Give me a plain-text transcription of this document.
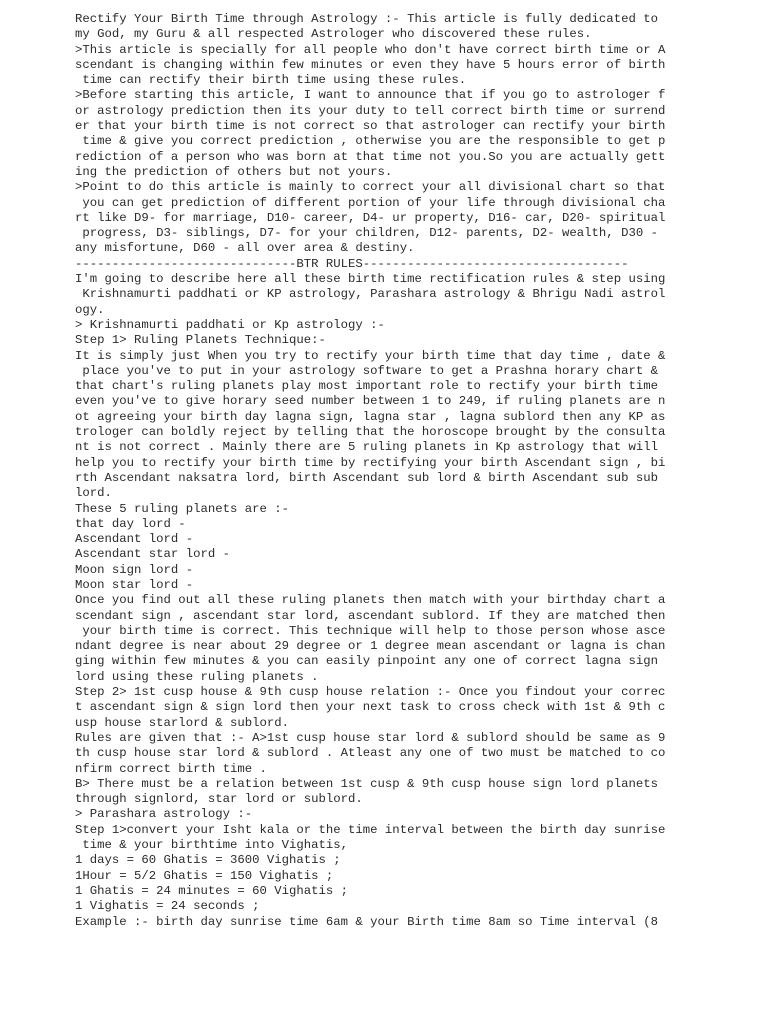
Rectify Your Birth Time through Astrology :- This article is fully dedicated to
my God, my Guru & all respected Astrologer who discovered these rules.
>This article is specially for all people who don't have correct birth time or A
scendant is changing within few minutes or even they have 5 hours error of birth
time can rectify their birth time using these rules.
>Before starting this article, I want to announce that if you go to astrologer f
or astrology prediction then its your duty to tell correct birth time or surrend
er that your birth time is not correct so that astrologer can rectify your birth
time & give you correct prediction , otherwise you are the responsible to get p
rediction of a person who was born at that time not you.So you are actually gett
ing the prediction of others but not yours.
>Point to do this article is mainly to correct your all divisional chart so that
you can get prediction of different portion of your life through divisional cha
rt like D9- for marriage, D10- career, D4- ur property, D16- car, D20- spiritual
progress, D3- siblings, D7- for your children, D12- parents, D2- wealth, D30 -
any misfortune, D60 - all over area & destiny.
------------------------------BTR RULES------------------------------------
I'm going to describe here all these birth time rectification rules & step using
Krishnamurti paddhati or KP astrology, Parashara astrology & Bhrigu Nadi astrol
ogy.
> Krishnamurti paddhati or Kp astrology :-
Step 1> Ruling Planets Technique:-
It is simply just When you try to rectify your birth time that day time , date &
place you've to put in your astrology software to get a Prashna horary chart &
that chart's ruling planets play most important role to rectify your birth time
even you've to give horary seed number between 1 to 249, if ruling planets are n
ot agreeing your birth day lagna sign, lagna star , lagna sublord then any KP as
trologer can boldly reject by telling that the horoscope brought by the consulta
nt is not correct . Mainly there are 5 ruling planets in Kp astrology that will
help you to rectify your birth time by rectifying your birth Ascendant sign , bi
rth Ascendant naksatra lord, birth Ascendant sub lord & birth Ascendant sub sub
lord.
These 5 ruling planets are :-
that day lord -
Ascendant lord -
Ascendant star lord -
Moon sign lord -
Moon star lord -
Once you find out all these ruling planets then match with your birthday chart a
scendant sign , ascendant star lord, ascendant sublord. If they are matched then
your birth time is correct. This technique will help to those person whose asce
ndant degree is near about 29 degree or 1 degree mean ascendant or lagna is chan
ging within few minutes & you can easily pinpoint any one of correct lagna sign
lord using these ruling planets .
Step 2> 1st cusp house & 9th cusp house relation :- Once you findout your correc
t ascendant sign & sign lord then your next task to cross check with 1st & 9th c
usp house starlord & sublord.
Rules are given that :- A>1st cusp house star lord & sublord should be same as 9
th cusp house star lord & sublord . Atleast any one of two must be matched to co
nfirm correct birth time .
B> There must be a relation between 1st cusp & 9th cusp house sign lord planets
through signlord, star lord or sublord.
> Parashara astrology :-
Step 1>convert your Isht kala or the time interval between the birth day sunrise
time & your birthtime into Vighatis,
1 days = 60 Ghatis = 3600 Vighatis ;
1Hour = 5/2 Ghatis = 150 Vighatis ;
1 Ghatis = 24 minutes = 60 Vighatis ;
1 Vighatis = 24 seconds ;
Example :- birth day sunrise time 6am & your Birth time 8am so Time interval (8
